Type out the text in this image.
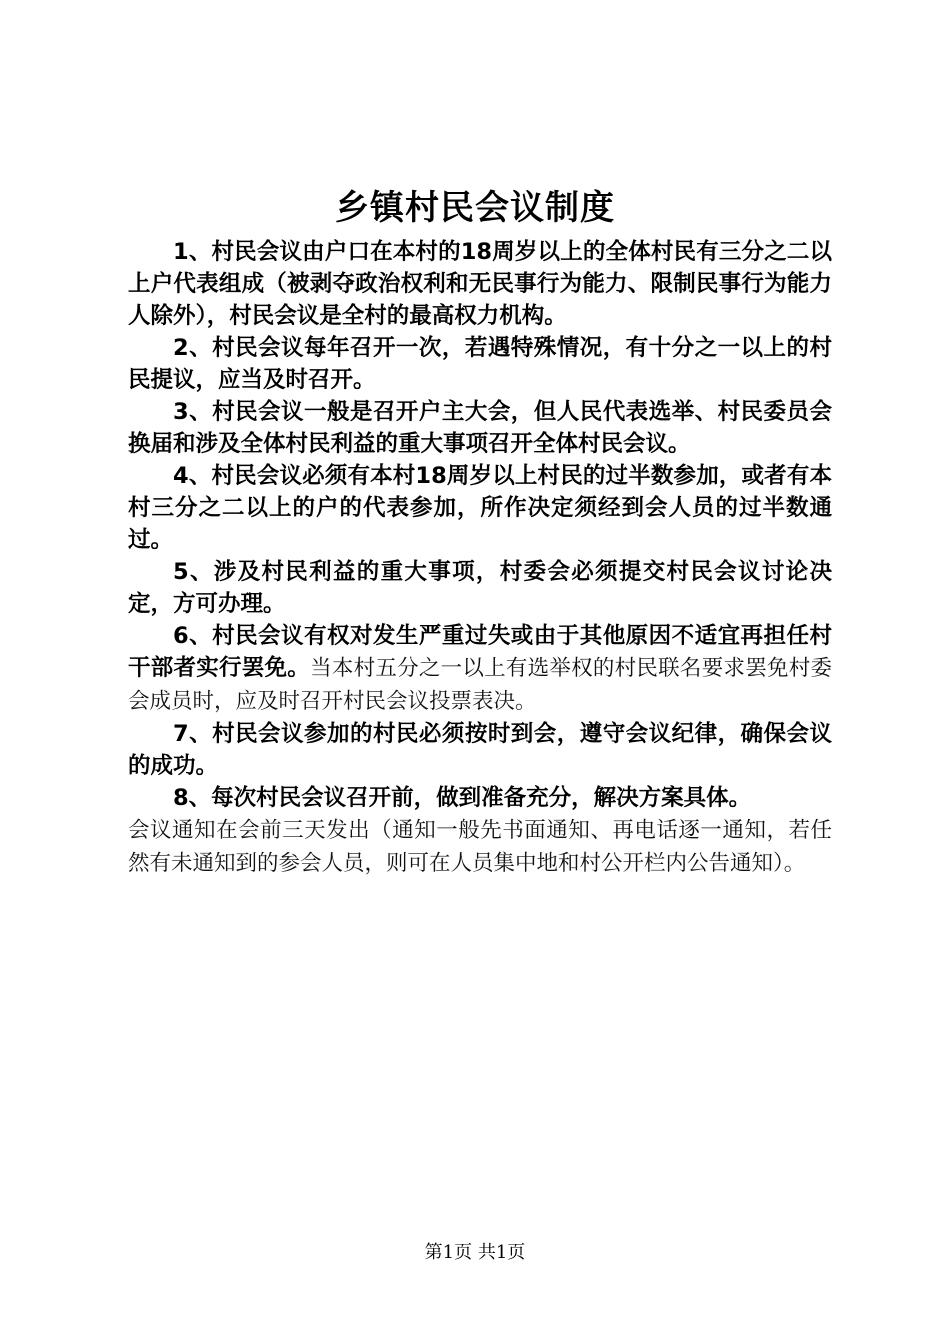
乡镇村民会议制度

1、村民会议由户口在本村的18周岁以上的全体村民有三分之二以上户代表组成（被剥夺政治权利和无民事行为能力、限制民事行为能力人除外），村民会议是全村的最高权力机构。

2、村民会议每年召开一次，若遇特殊情况，有十分之一以上的村民提议，应当及时召开。

3、村民会议一般是召开户主大会，但人民代表选举、村民委员会换届和涉及全体村民利益的重大事项召开全体村民会议。

4、村民会议必须有本村18周岁以上村民的过半数参加，或者有本村三分之二以上的户的代表参加，所作决定须经到会人员的过半数通过。

5、涉及村民利益的重大事项，村委会必须提交村民会议讨论决定，方可办理。

6、村民会议有权对发生严重过失或由于其他原因不适宜再担任村干部者实行罢免。当本村五分之一以上有选举权的村民联名要求罢免村委会成员时，应及时召开村民会议投票表决。

7、村民会议参加的村民必须按时到会，遵守会议纪律，确保会议的成功。

8、每次村民会议召开前，做到准备充分，解决方案具体。

会议通知在会前三天发出（通知一般先书面通知、再电话逐一通知，若任然有未通知到的参会人员，则可在人员集中地和村公开栏内公告通知）。

第1页 共1页
